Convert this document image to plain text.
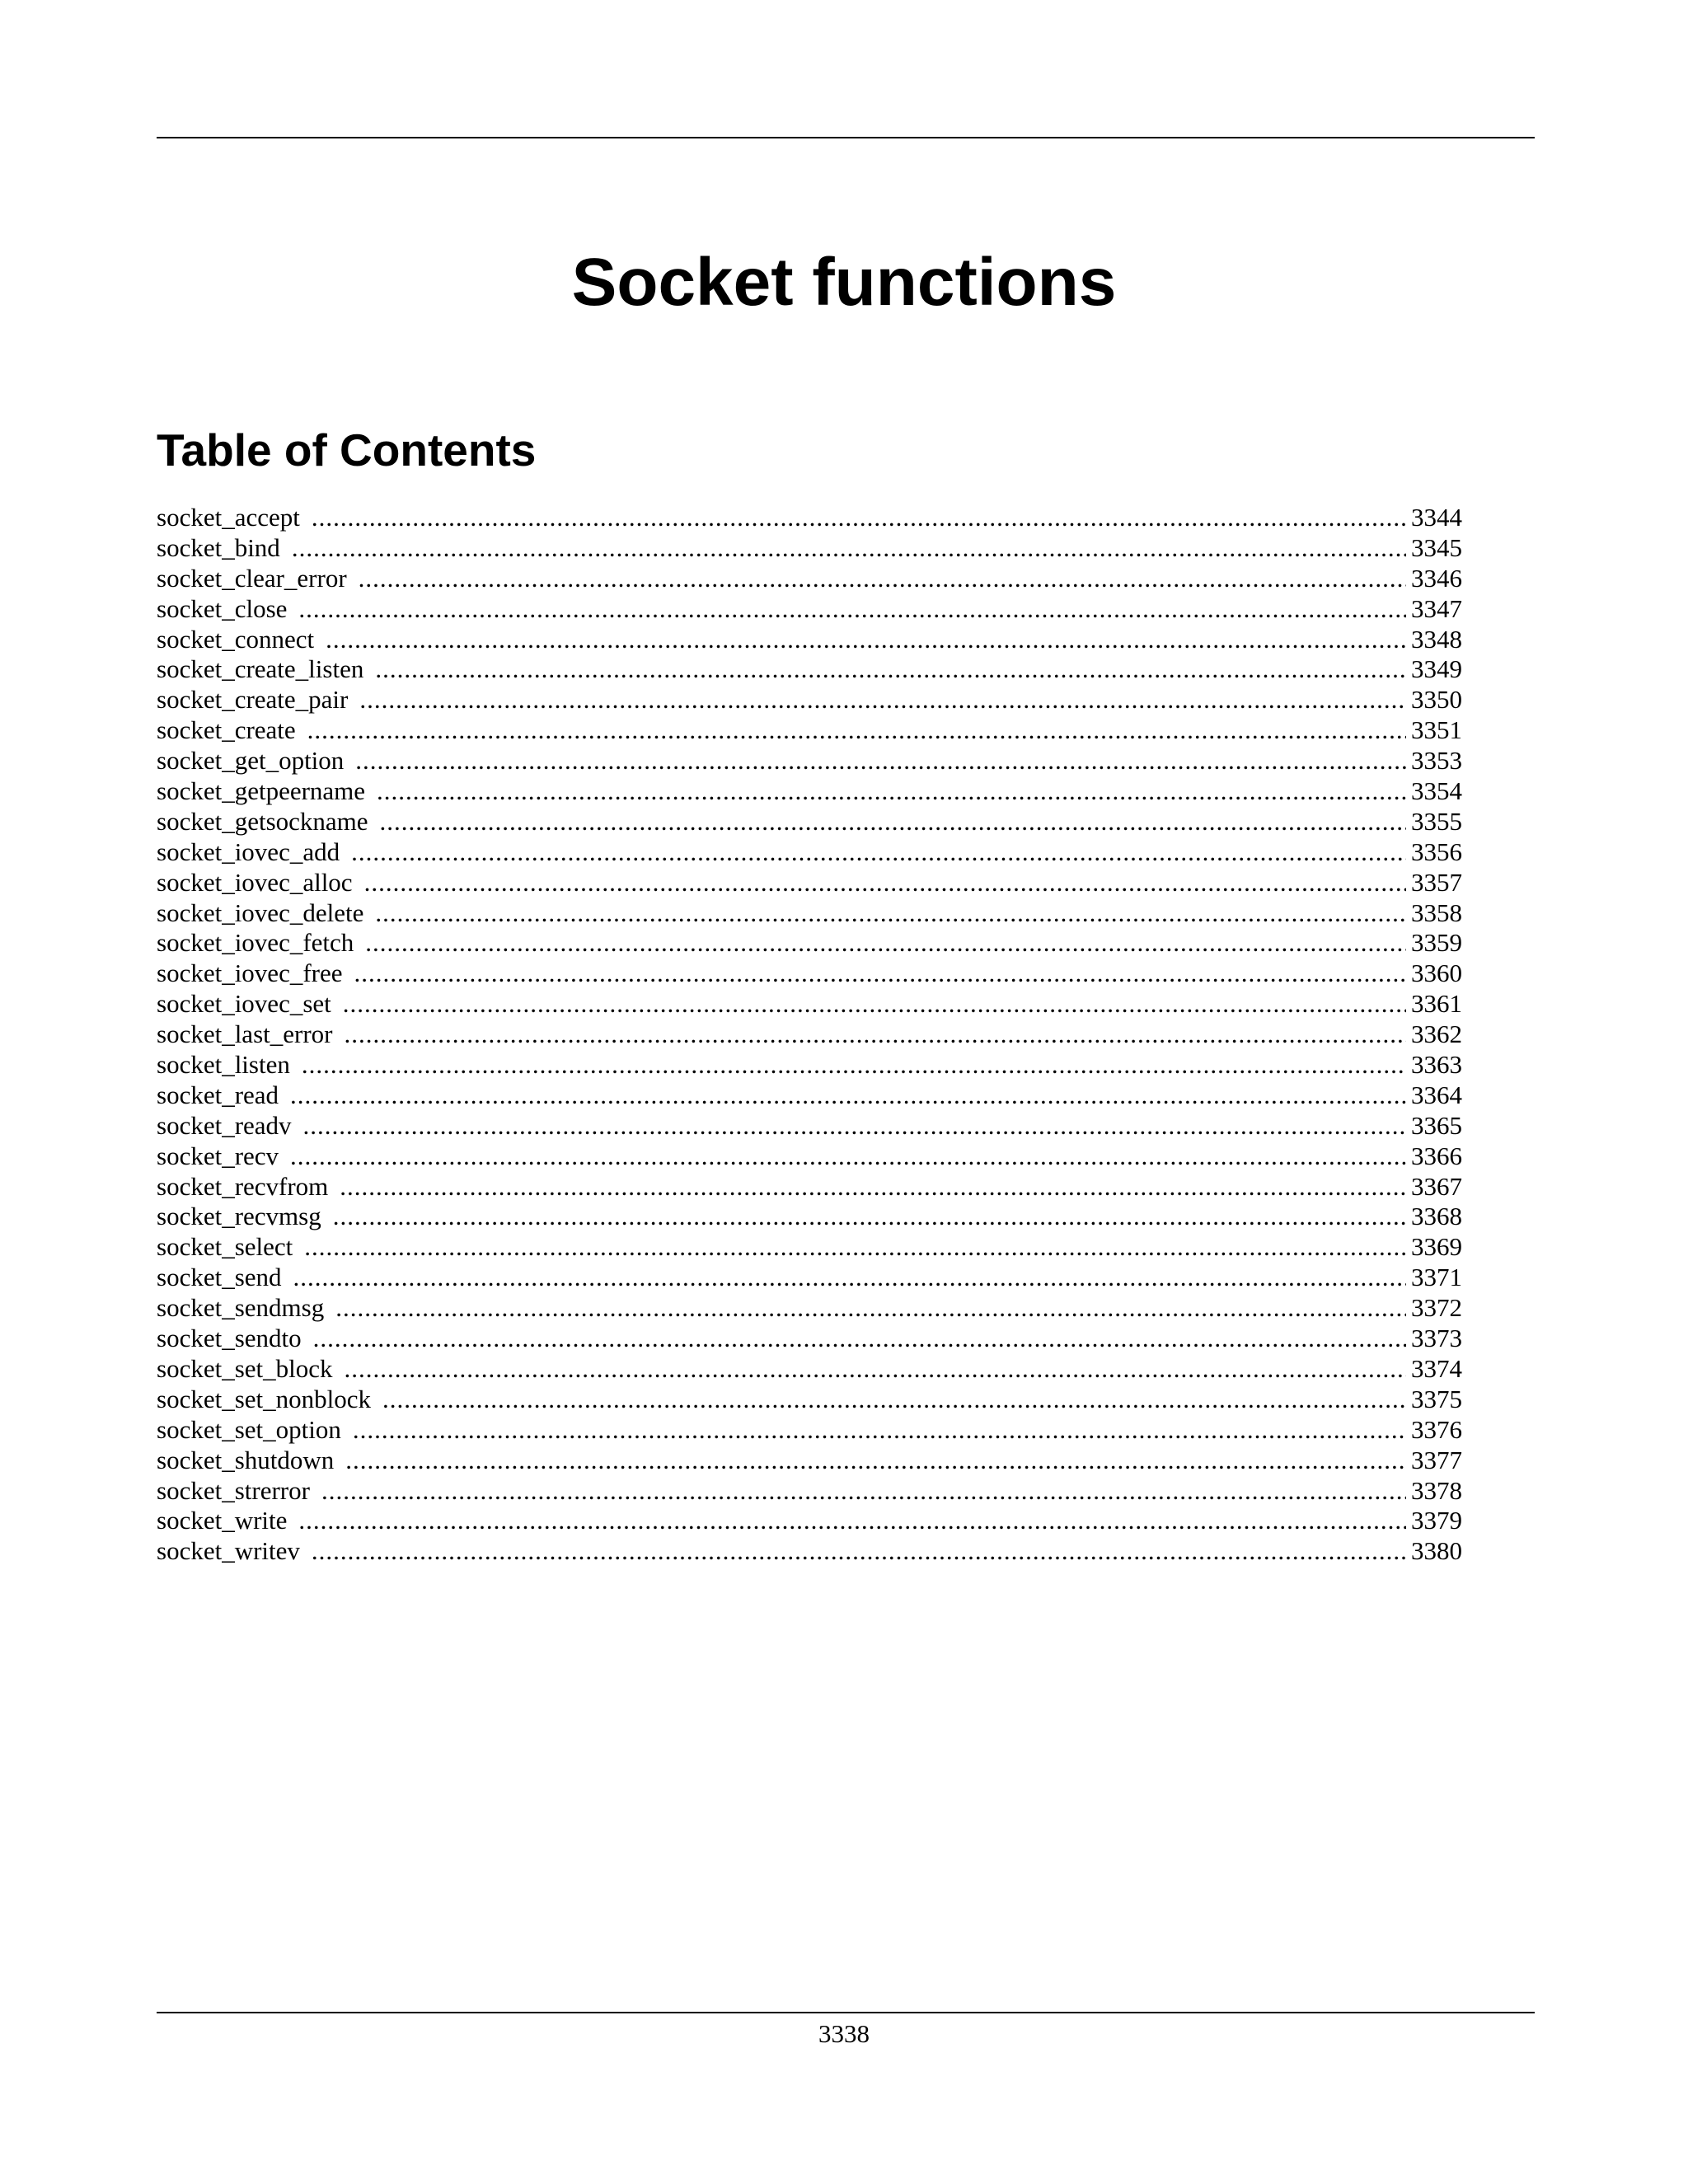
Socket functions
Table of Contents
socket_accept .....	3344
socket_bind .....	3345
socket_clear_error .....	3346
socket_close .....	3347
socket_connect .....	3348
socket_create_listen .....	3349
socket_create_pair .....	3350
socket_create .....	3351
socket_get_option .....	3353
socket_getpeername .....	3354
socket_getsockname .....	3355
socket_iovec_add .....	3356
socket_iovec_alloc .....	3357
socket_iovec_delete .....	3358
socket_iovec_fetch .....	3359
socket_iovec_free .....	3360
socket_iovec_set .....	3361
socket_last_error .....	3362
socket_listen .....	3363
socket_read .....	3364
socket_readv .....	3365
socket_recv .....	3366
socket_recvfrom .....	3367
socket_recvmsg .....	3368
socket_select .....	3369
socket_send .....	3371
socket_sendmsg .....	3372
socket_sendto .....	3373
socket_set_block .....	3374
socket_set_nonblock .....	3375
socket_set_option .....	3376
socket_shutdown .....	3377
socket_strerror .....	3378
socket_write .....	3379
socket_writev .....	3380
3338
